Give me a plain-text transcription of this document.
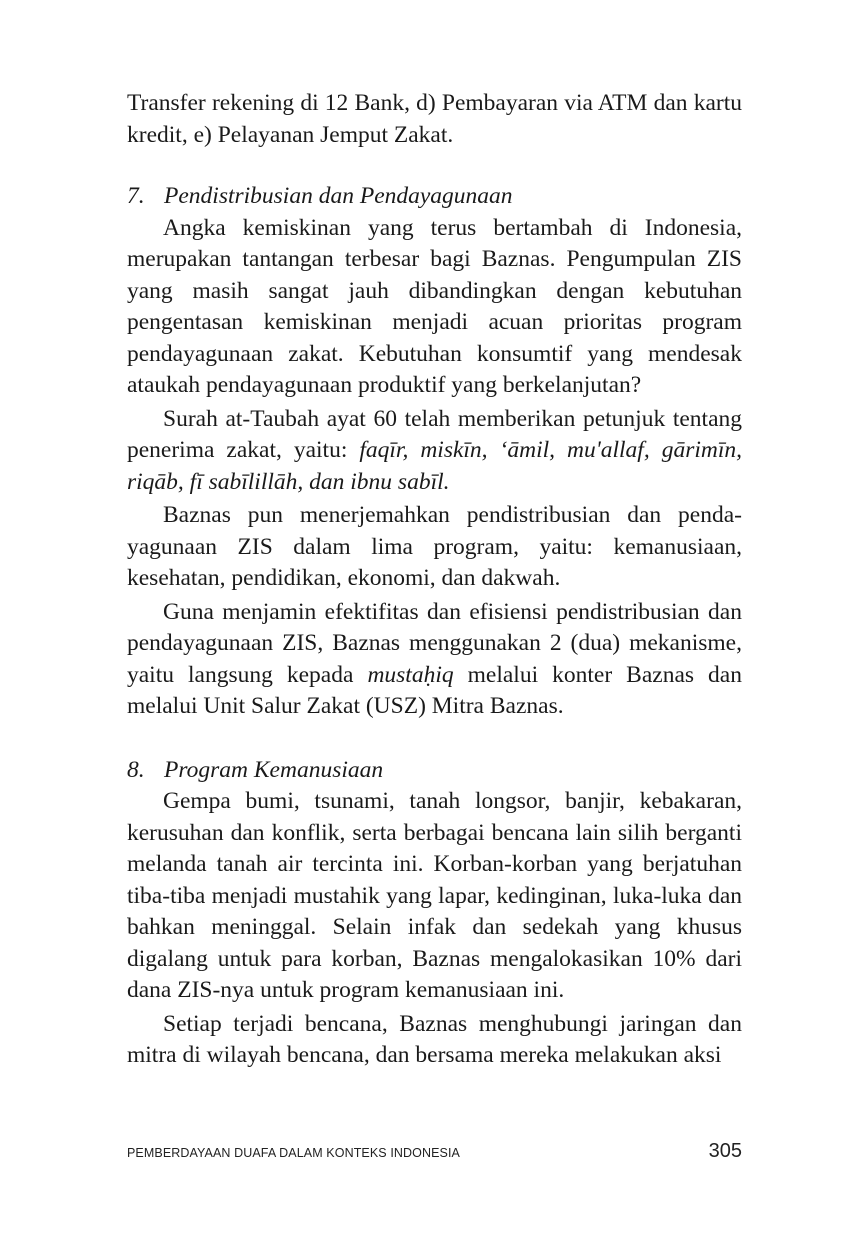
Transfer rekening di 12 Bank, d) Pembayaran via ATM dan kartu kredit, e) Pelayanan Jemput Zakat.

7. Pendistribusian dan Pendayagunaan

Angka kemiskinan yang terus bertambah di Indonesia, merupakan tantangan terbesar bagi Baznas. Pengumpulan ZIS yang masih sangat jauh dibandingkan dengan kebutuhan pengentasan kemiskinan menjadi acuan prioritas program pendayagunaan zakat. Kebutuhan konsumtif yang mendesak ataukah pendayagunaan produktif yang berkelanjutan?

Surah at-Taubah ayat 60 telah memberikan petunjuk tentang penerima zakat, yaitu: faqīr, miskīn, ‘āmil, mu'allaf, gārimīn, riqāb, fī sabīlillāh, dan ibnu sabīl.

Baznas pun menerjemahkan pendistribusian dan penda-yagunaan ZIS dalam lima program, yaitu: kemanusiaan, kesehatan, pendidikan, ekonomi, dan dakwah.

Guna menjamin efektifitas dan efisiensi pendistribusian dan pendayagunaan ZIS, Baznas menggunakan 2 (dua) mekanisme, yaitu langsung kepada mustaḥiq melalui konter Baznas dan melalui Unit Salur Zakat (USZ) Mitra Baznas.

8. Program Kemanusiaan

Gempa bumi, tsunami, tanah longsor, banjir, kebakaran, kerusuhan dan konflik, serta berbagai bencana lain silih berganti melanda tanah air tercinta ini. Korban-korban yang berjatuhan tiba-tiba menjadi mustahik yang lapar, kedinginan, luka-luka dan bahkan meninggal. Selain infak dan sedekah yang khusus digalang untuk para korban, Baznas mengalokasikan 10% dari dana ZIS-nya untuk program kemanusiaan ini.

Setiap terjadi bencana, Baznas menghubungi jaringan dan mitra di wilayah bencana, dan bersama mereka melakukan aksi

PEMBERDAYAAN DUAFA DALAM KONTEKS INDONESIA	305
